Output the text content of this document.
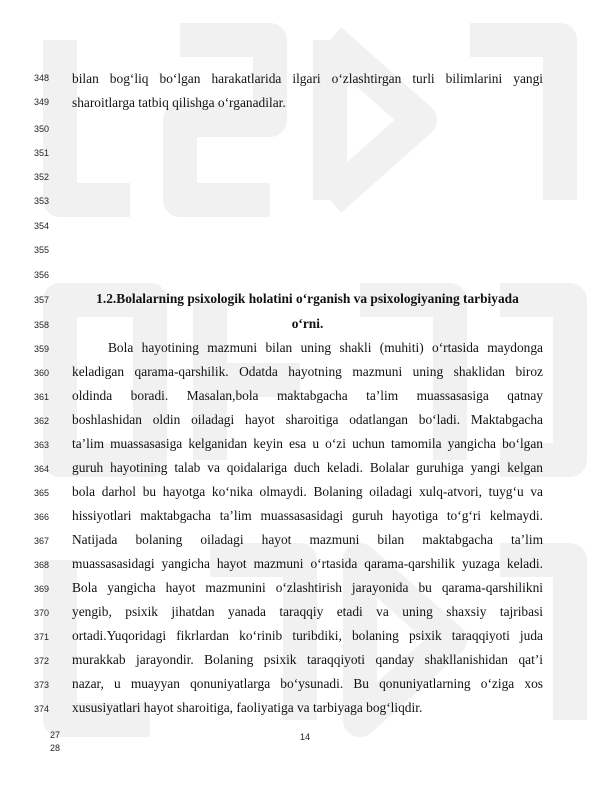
348	bilan bog‘liq bo‘lgan harakatlarida ilgari o‘zlashtirgan turli bilimlarini yangi
349	sharoitlarga tatbiq qilishga o‘rganadilar.
350
351
352
353
354
355
356
357	1.2.Bolalarning psixologik holatini o‘rganish va psixologiyaning tarbiyada
358	o‘rni.
359	Bola hayotining mazmuni bilan uning shakli (muhiti) o‘rtasida maydonga
360	keladigan qarama-qarshilik. Odatda hayotning mazmuni uning shaklidan biroz
361	oldinda boradi. Masalan,bola maktabgacha ta’lim muassasasiga qatnay
362	boshlashidan oldin oiladagi hayot sharoitiga odatlangan bo‘ladi. Maktabgacha
363	ta’lim muassasasiga kelganidan keyin esa u o‘zi uchun tamomila yangicha bo‘lgan
364	guruh hayotining talab va qoidalariga duch keladi. Bolalar guruhiga yangi kelgan
365	bola darhol bu hayotga ko‘nika olmaydi. Bolaning oiladagi xulq-atvori, tuyg‘u va
366	hissiyotlari maktabgacha ta’lim muassasasidagi guruh hayotiga to‘g‘ri kelmaydi.
367	Natijada bolaning oiladagi hayot mazmuni bilan maktabgacha ta’lim
368	muassasasidagi yangicha hayot mazmuni o‘rtasida qarama-qarshilik yuzaga keladi.
369	Bola yangicha hayot mazmunini o‘zlashtirish jarayonida bu qarama-qarshilikni
370	yengib, psixik jihatdan yanada taraqqiy etadi va uning shaxsiy tajribasi
371	ortadi.Yuqoridagi fikrlardan ko‘rinib turibdiki, bolaning psixik taraqqiyoti juda
372	murakkab jarayondir. Bolaning psixik taraqqiyoti qanday shakllanishidan qat’i
373	nazar, u muayyan qonuniyatlarga bo‘ysunadi. Bu qonuniyatlarning o‘ziga xos
374	xususiyatlari hayot sharoitiga, faoliyatiga va tarbiyaga bog‘liqdir.
27
28
14
